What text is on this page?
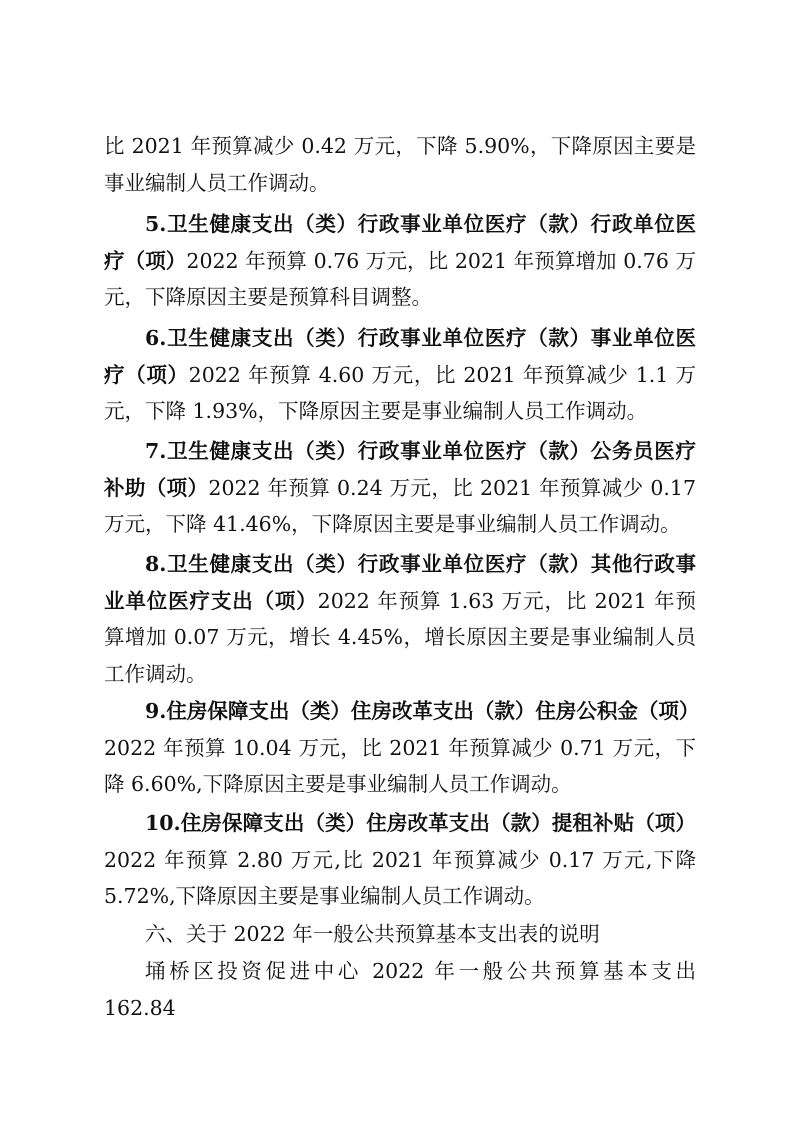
比 2021 年预算减少 0.42 万元，下降 5.90%，下降原因主要是事业编制人员工作调动。

5.卫生健康支出（类）行政事业单位医疗（款）行政单位医疗（项）2022 年预算 0.76 万元，比 2021 年预算增加 0.76 万元，下降原因主要是预算科目调整。

6.卫生健康支出（类）行政事业单位医疗（款）事业单位医疗（项）2022 年预算 4.60 万元，比 2021 年预算减少 1.1 万元，下降 1.93%，下降原因主要是事业编制人员工作调动。

7.卫生健康支出（类）行政事业单位医疗（款）公务员医疗补助（项）2022 年预算 0.24 万元，比 2021 年预算减少 0.17 万元，下降 41.46%，下降原因主要是事业编制人员工作调动。

8.卫生健康支出（类）行政事业单位医疗（款）其他行政事业单位医疗支出（项）2022 年预算 1.63 万元，比 2021 年预算增加 0.07 万元，增长 4.45%，增长原因主要是事业编制人员工作调动。

9.住房保障支出（类）住房改革支出（款）住房公积金（项）2022 年预算 10.04 万元，比 2021 年预算减少 0.71 万元，下降 6.60%,下降原因主要是事业编制人员工作调动。

10.住房保障支出（类）住房改革支出（款）提租补贴（项）2022 年预算 2.80 万元,比 2021 年预算减少 0.17 万元,下降 5.72%,下降原因主要是事业编制人员工作调动。

六、关于 2022 年一般公共预算基本支出表的说明

埇桥区投资促进中心 2022 年一般公共预算基本支出 162.84
